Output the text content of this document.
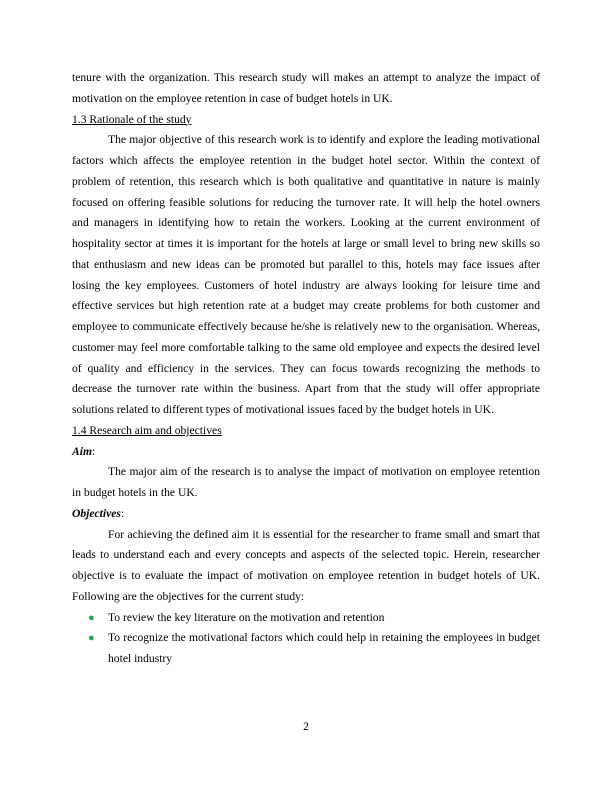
tenure with the organization. This research study will makes an attempt to analyze the impact of motivation on the employee retention in case of budget hotels in UK.

1.3 Rationale of the study

The major objective of this research work is to identify and explore the leading motivational factors which affects the employee retention in the budget hotel sector. Within the context of problem of retention, this research which is both qualitative and quantitative in nature is mainly focused on offering feasible solutions for reducing the turnover rate. It will help the hotel owners and managers in identifying how to retain the workers. Looking at the current environment of hospitality sector at times it is important for the hotels at large or small level to bring new skills so that enthusiasm and new ideas can be promoted but parallel to this, hotels may face issues after losing the key employees. Customers of hotel industry are always looking for leisure time and effective services but high retention rate at a budget may create problems for both customer and employee to communicate effectively because he/she is relatively new to the organisation. Whereas, customer may feel more comfortable talking to the same old employee and expects the desired level of quality and efficiency in the services. They can focus towards recognizing the methods to decrease the turnover rate within the business. Apart from that the study will offer appropriate solutions related to different types of motivational issues faced by the budget hotels in UK.

1.4 Research aim and objectives
Aim:

The major aim of the research is to analyse the impact of motivation on employee retention in budget hotels in the UK.

Objectives:

For achieving the defined aim it is essential for the researcher to frame small and smart that leads to understand each and every concepts and aspects of the selected topic. Herein, researcher objective is to evaluate the impact of motivation on employee retention in budget hotels of UK. Following are the objectives for the current study:

● To review the key literature on the motivation and retention
● To recognize the motivational factors which could help in retaining the employees in budget hotel industry
2
